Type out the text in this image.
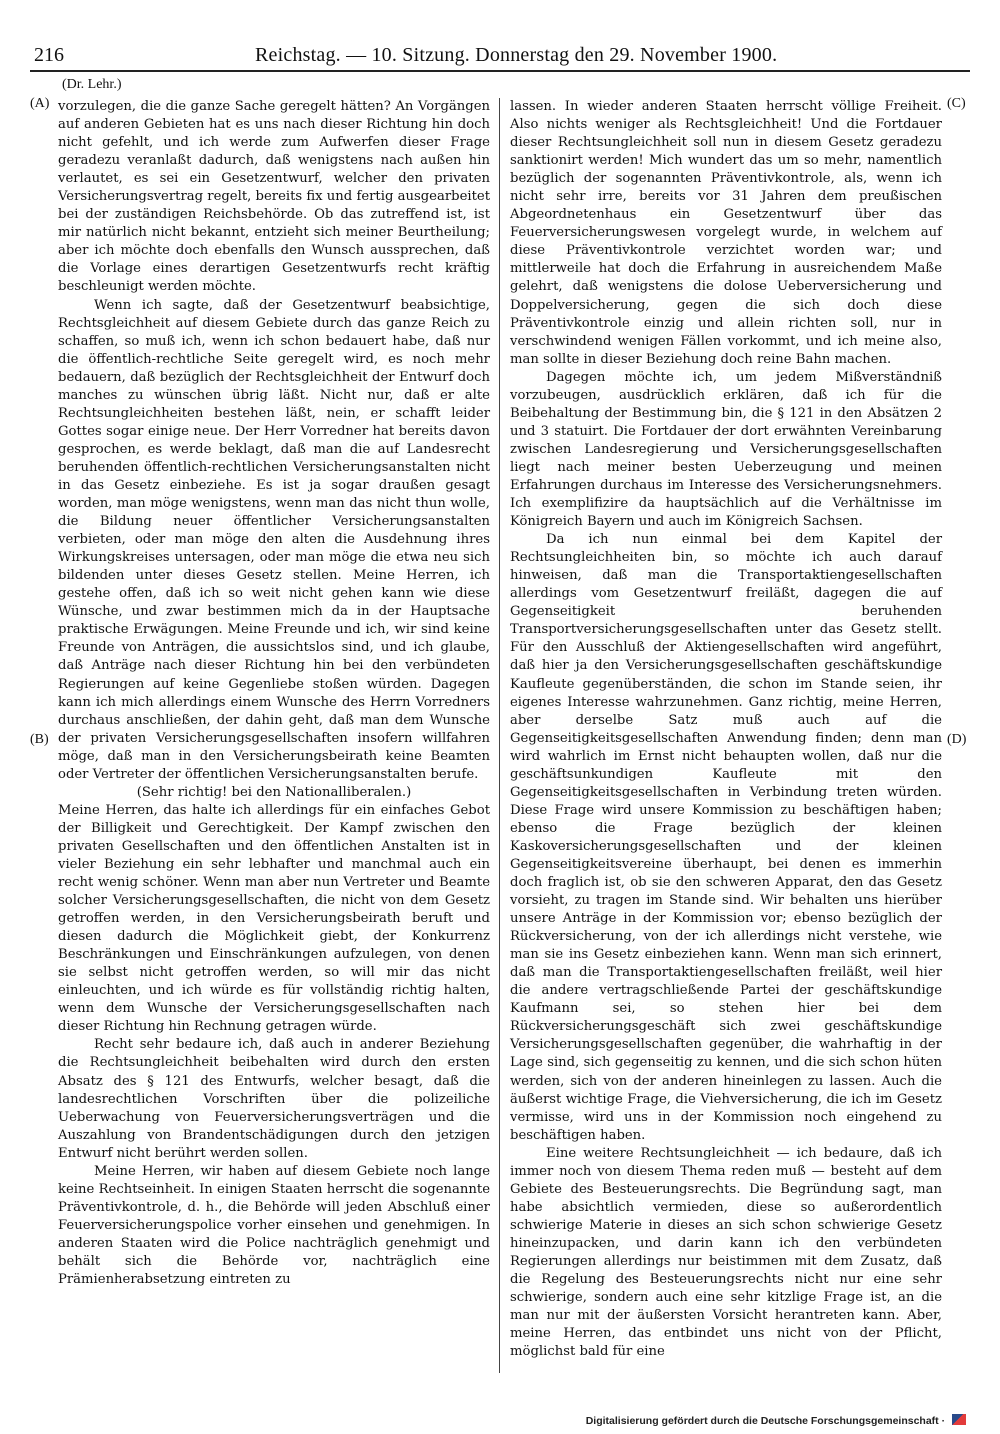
216	Reichstag. — 10. Sitzung. Donnerstag den 29. November 1900.
(Dr. Lehr.)
(A)
(B)
(C)
(D)

vorzulegen, die die ganze Sache geregelt hätten? An Vorgängen auf anderen Gebieten hat es uns nach dieser Richtung hin doch nicht gefehlt, und ich werde zum Aufwerfen dieser Frage geradezu veranlaßt dadurch, daß wenigstens nach außen hin verlautet, es sei ein Gesetzentwurf, welcher den privaten Versicherungsvertrag regelt, bereits fix und fertig ausgearbeitet bei der zuständigen Reichsbehörde. Ob das zutreffend ist, ist mir natürlich nicht bekannt, entzieht sich meiner Beurtheilung; aber ich möchte doch ebenfalls den Wunsch aussprechen, daß die Vorlage eines derartigen Gesetzentwurfs recht kräftig beschleunigt werden möchte.

Wenn ich sagte, daß der Gesetzentwurf beabsichtige, Rechtsgleichheit auf diesem Gebiete durch das ganze Reich zu schaffen, so muß ich, wenn ich schon bedauert habe, daß nur die öffentlich-rechtliche Seite geregelt wird, es noch mehr bedauern, daß bezüglich der Rechtsgleichheit der Entwurf doch manches zu wünschen übrig läßt. Nicht nur, daß er alte Rechtsungleichheiten bestehen läßt, nein, er schafft leider Gottes sogar einige neue. Der Herr Vorredner hat bereits davon gesprochen, es werde beklagt, daß man die auf Landesrecht beruhenden öffentlich-rechtlichen Versicherungsanstalten nicht in das Gesetz einbeziehe. Es ist ja sogar draußen gesagt worden, man möge wenigstens, wenn man das nicht thun wolle, die Bildung neuer öffentlicher Versicherungsanstalten verbieten, oder man möge den alten die Ausdehnung ihres Wirkungskreises untersagen, oder man möge die etwa neu sich bildenden unter dieses Gesetz stellen. Meine Herren, ich gestehe offen, daß ich so weit nicht gehen kann wie diese Wünsche, und zwar bestimmen mich da in der Hauptsache praktische Erwägungen. Meine Freunde und ich, wir sind keine Freunde von Anträgen, die aussichtslos sind, und ich glaube, daß Anträge nach dieser Richtung hin bei den verbündeten Regierungen auf keine Gegenliebe stoßen würden. Dagegen kann ich mich allerdings einem Wunsche des Herrn Vorredners durchaus anschließen, der dahin geht, daß man dem Wunsche der privaten Versicherungsgesellschaften insofern willfahren möge, daß man in den Versicherungsbeirath keine Beamten oder Vertreter der öffentlichen Versicherungsanstalten berufe.

(Sehr richtig! bei den Nationalliberalen.)

Meine Herren, das halte ich allerdings für ein einfaches Gebot der Billigkeit und Gerechtigkeit. Der Kampf zwischen den privaten Gesellschaften und den öffentlichen Anstalten ist in vieler Beziehung ein sehr lebhafter und manchmal auch ein recht wenig schöner. Wenn man aber nun Vertreter und Beamte solcher Versicherungsgesellschaften, die nicht von dem Gesetz getroffen werden, in den Versicherungsbeirath beruft und diesen dadurch die Möglichkeit giebt, der Konkurrenz Beschränkungen und Einschränkungen aufzulegen, von denen sie selbst nicht getroffen werden, so will mir das nicht einleuchten, und ich würde es für vollständig richtig halten, wenn dem Wunsche der Versicherungsgesellschaften nach dieser Richtung hin Rechnung getragen würde.

Recht sehr bedaure ich, daß auch in anderer Beziehung die Rechtsungleichheit beibehalten wird durch den ersten Absatz des § 121 des Entwurfs, welcher besagt, daß die landesrechtlichen Vorschriften über die polizeiliche Ueberwachung von Feuerversicherungsverträgen und die Auszahlung von Brandentschädigungen durch den jetzigen Entwurf nicht berührt werden sollen.

Meine Herren, wir haben auf diesem Gebiete noch lange keine Rechtseinheit. In einigen Staaten herrscht die sogenannte Präventivkontrole, d. h., die Behörde will jeden Abschluß einer Feuerversicherungspolice vorher einsehen und genehmigen. In anderen Staaten wird die Police nachträglich genehmigt und behält sich die Behörde vor, nachträglich eine Prämienherabsetzung eintreten zu

lassen. In wieder anderen Staaten herrscht völlige Freiheit. Also nichts weniger als Rechtsgleichheit! Und die Fortdauer dieser Rechtsungleichheit soll nun in diesem Gesetz geradezu sanktionirt werden! Mich wundert das um so mehr, namentlich bezüglich der sogenannten Präventivkontrole, als, wenn ich nicht sehr irre, bereits vor 31 Jahren dem preußischen Abgeordnetenhaus ein Gesetzentwurf über das Feuerversicherungswesen vorgelegt wurde, in welchem auf diese Präventivkontrole verzichtet worden war; und mittlerweile hat doch die Erfahrung in ausreichendem Maße gelehrt, daß wenigstens die dolose Ueberversicherung und Doppelversicherung, gegen die sich doch diese Präventivkontrole einzig und allein richten soll, nur in verschwindend wenigen Fällen vorkommt, und ich meine also, man sollte in dieser Beziehung doch reine Bahn machen.

Dagegen möchte ich, um jedem Mißverständniß vorzubeugen, ausdrücklich erklären, daß ich für die Beibehaltung der Bestimmung bin, die § 121 in den Absätzen 2 und 3 statuirt. Die Fortdauer der dort erwähnten Vereinbarung zwischen Landesregierung und Versicherungsgesellschaften liegt nach meiner besten Ueberzeugung und meinen Erfahrungen durchaus im Interesse des Versicherungsnehmers. Ich exemplifizire da hauptsächlich auf die Verhältnisse im Königreich Bayern und auch im Königreich Sachsen.

Da ich nun einmal bei dem Kapitel der Rechtsungleichheiten bin, so möchte ich auch darauf hinweisen, daß man die Transportaktiengesellschaften allerdings vom Gesetzentwurf freiläßt, dagegen die auf Gegenseitigkeit beruhenden Transportversicherungsgesellschaften unter das Gesetz stellt. Für den Ausschluß der Aktiengesellschaften wird angeführt, daß hier ja den Versicherungsgesellschaften geschäftskundige Kaufleute gegenüberständen, die schon im Stande seien, ihr eigenes Interesse wahrzunehmen. Ganz richtig, meine Herren, aber derselbe Satz muß auch auf die Gegenseitigkeitsgesellschaften Anwendung finden; denn man wird wahrlich im Ernst nicht behaupten wollen, daß nur die geschäftsunkundigen Kaufleute mit den Gegenseitigkeitsgesellschaften in Verbindung treten würden. Diese Frage wird unsere Kommission zu beschäftigen haben; ebenso die Frage bezüglich der kleinen Kaskoversicherungsgesellschaften und der kleinen Gegenseitigkeitsvereine überhaupt, bei denen es immerhin doch fraglich ist, ob sie den schweren Apparat, den das Gesetz vorsieht, zu tragen im Stande sind. Wir behalten uns hierüber unsere Anträge in der Kommission vor; ebenso bezüglich der Rückversicherung, von der ich allerdings nicht verstehe, wie man sie ins Gesetz einbeziehen kann. Wenn man sich erinnert, daß man die Transportaktiengesellschaften freiläßt, weil hier die andere vertragschließende Partei der geschäftskundige Kaufmann sei, so stehen hier bei dem Rückversicherungsgeschäft sich zwei geschäftskundige Versicherungsgesellschaften gegenüber, die wahrhaftig in der Lage sind, sich gegenseitig zu kennen, und die sich schon hüten werden, sich von der anderen hineinlegen zu lassen. Auch die äußerst wichtige Frage, die Viehversicherung, die ich im Gesetz vermisse, wird uns in der Kommission noch eingehend zu beschäftigen haben.

Eine weitere Rechtsungleichheit — ich bedaure, daß ich immer noch von diesem Thema reden muß — besteht auf dem Gebiete des Besteuerungsrechts. Die Begründung sagt, man habe absichtlich vermieden, diese so außerordentlich schwierige Materie in dieses an sich schon schwierige Gesetz hineinzupacken, und darin kann ich den verbündeten Regierungen allerdings nur beistimmen mit dem Zusatz, daß die Regelung des Besteuerungsrechts nicht nur eine sehr schwierige, sondern auch eine sehr kitzlige Frage ist, an die man nur mit der äußersten Vorsicht herantreten kann. Aber, meine Herren, das entbindet uns nicht von der Pflicht, möglichst bald für eine

Digitalisierung gefördert durch die Deutsche Forschungsgemeinschaft ·
